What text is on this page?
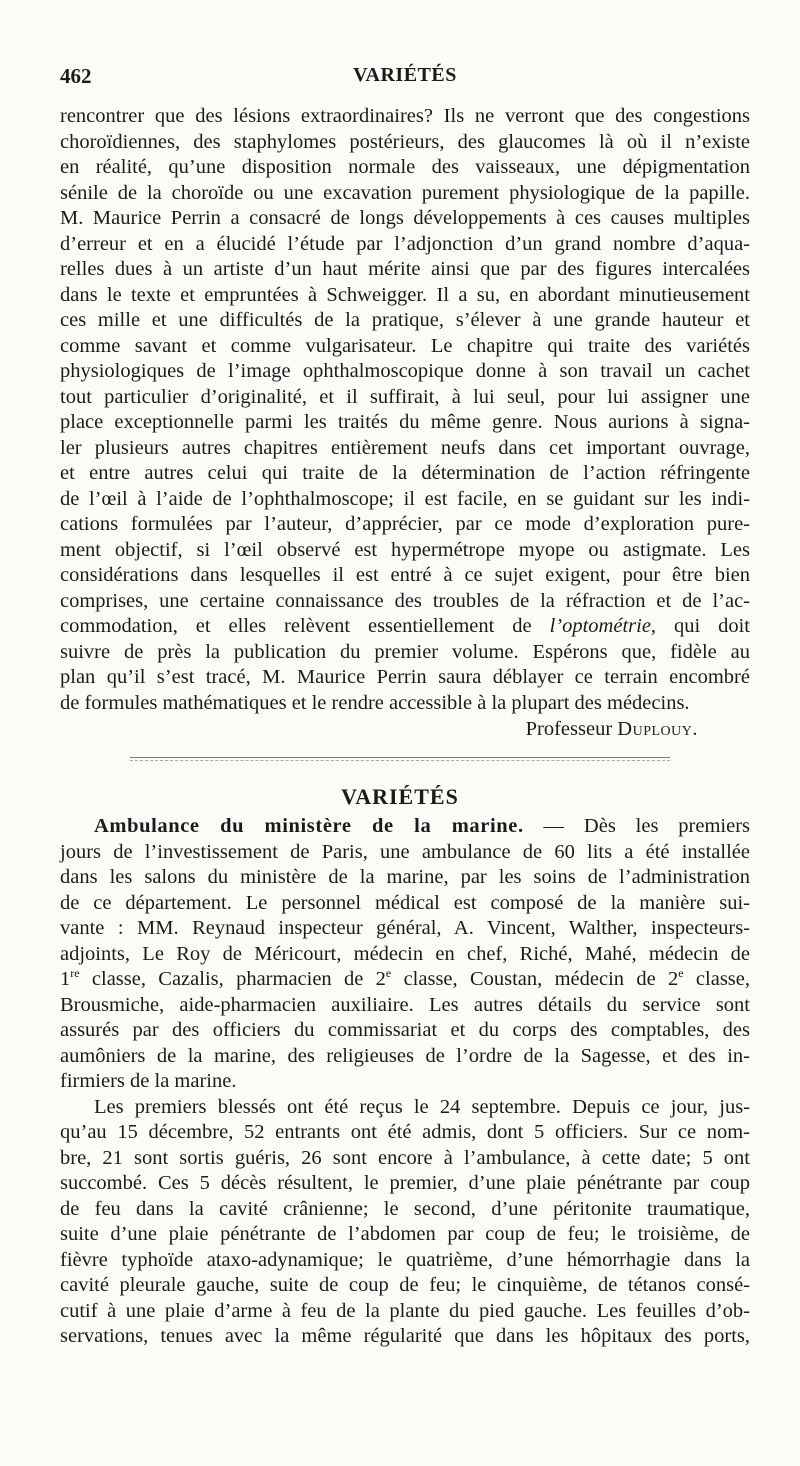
462	VARIÉTÉS
rencontrer que des lésions extraordinaires? Ils ne verront que des congestions
choroïdiennes, des staphylomes postérieurs, des glaucomes là où il n’existe
en réalité, qu’une disposition normale des vaisseaux, une dépigmentation
sénile de la choroïde ou une excavation purement physiologique de la papille.
M. Maurice Perrin a consacré de longs développements à ces causes multiples
d’erreur et en a élucidé l’étude par l’adjonction d’un grand nombre d’aqua-
relles dues à un artiste d’un haut mérite ainsi que par des figures intercalées
dans le texte et empruntées à Schweigger. Il a su, en abordant minutieusement
ces mille et une difficultés de la pratique, s’élever à une grande hauteur et
comme savant et comme vulgarisateur. Le chapitre qui traite des variétés
physiologiques de l’image ophthalmoscopique donne à son travail un cachet
tout particulier d’originalité, et il suffirait, à lui seul, pour lui assigner une
place exceptionnelle parmi les traités du même genre. Nous aurions à signa-
ler plusieurs autres chapitres entièrement neufs dans cet important ouvrage,
et entre autres celui qui traite de la détermination de l’action réfringente
de l’œil à l’aide de l’ophthalmoscope; il est facile, en se guidant sur les indi-
cations formulées par l’auteur, d’apprécier, par ce mode d’exploration pure-
ment objectif, si l’œil observé est hypermétrope myope ou astigmate. Les
considérations dans lesquelles il est entré à ce sujet exigent, pour être bien
comprises, une certaine connaissance des troubles de la réfraction et de l’ac-
commodation, et elles relèvent essentiellement de l’optométrie, qui doit
suivre de près la publication du premier volume. Espérons que, fidèle au
plan qu’il s’est tracé, M. Maurice Perrin saura déblayer ce terrain encombré
de formules mathématiques et le rendre accessible à la plupart des médecins.
Professeur Duplouy.
VARIÉTÉS
Ambulance du ministère de la marine. — Dès les premiers
jours de l’investissement de Paris, une ambulance de 60 lits a été installée
dans les salons du ministère de la marine, par les soins de l’administration
de ce département. Le personnel médical est composé de la manière sui-
vante : MM. Reynaud inspecteur général, A. Vincent, Walther, inspecteurs-
adjoints, Le Roy de Méricourt, médecin en chef, Riché, Mahé, médecin de
1re classe, Cazalis, pharmacien de 2e classe, Coustan, médecin de 2e classe,
Brousmiche, aide-pharmacien auxiliaire. Les autres détails du service sont
assurés par des officiers du commissariat et du corps des comptables, des
aumôniers de la marine, des religieuses de l’ordre de la Sagesse, et des in-
firmiers de la marine.
Les premiers blessés ont été reçus le 24 septembre. Depuis ce jour, jus-
qu’au 15 décembre, 52 entrants ont été admis, dont 5 officiers. Sur ce nom-
bre, 21 sont sortis guéris, 26 sont encore à l’ambulance, à cette date; 5 ont
succombé. Ces 5 décès résultent, le premier, d’une plaie pénétrante par coup
de feu dans la cavité crânienne; le second, d’une péritonite traumatique,
suite d’une plaie pénétrante de l’abdomen par coup de feu; le troisième, de
fièvre typhoïde ataxo-adynamique; le quatrième, d’une hémorrhagie dans la
cavité pleurale gauche, suite de coup de feu; le cinquième, de tétanos consé-
cutif à une plaie d’arme à feu de la plante du pied gauche. Les feuilles d’ob-
servations, tenues avec la même régularité que dans les hôpitaux des ports,
